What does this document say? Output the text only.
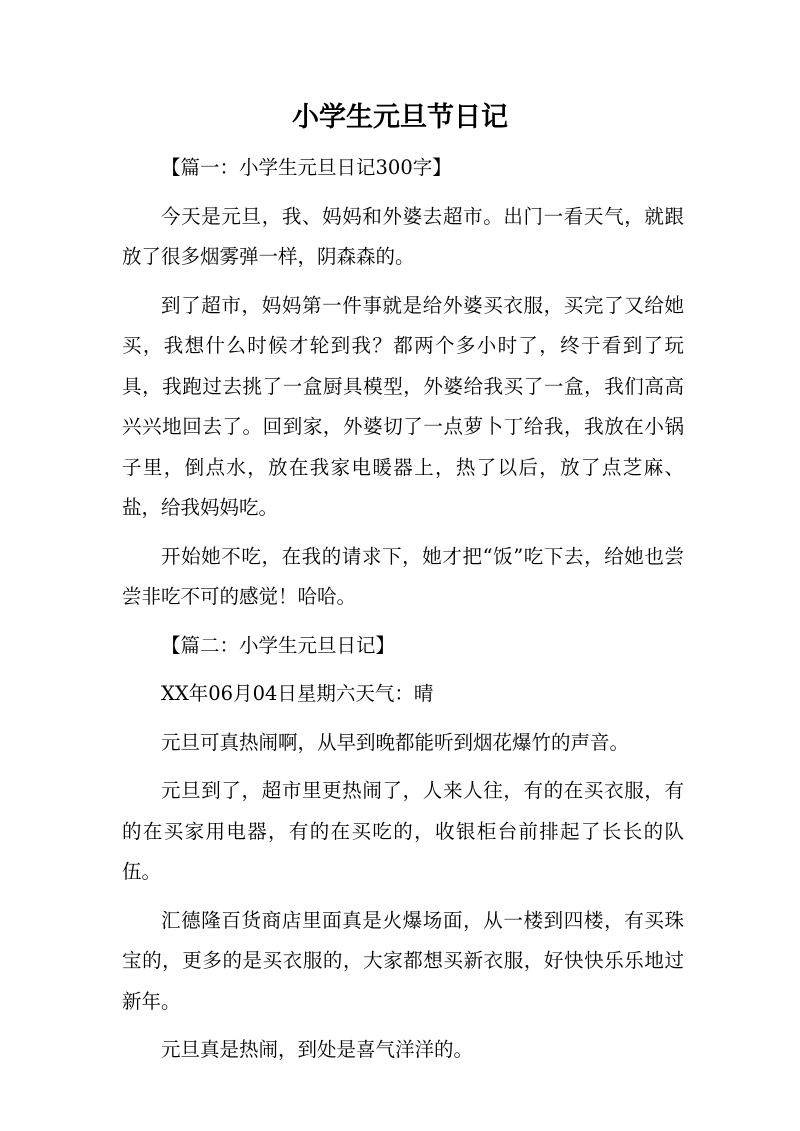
小学生元旦节日记

【篇一：小学生元旦日记300字】

今天是元旦，我、妈妈和外婆去超市。出门一看天气，就跟放了很多烟雾弹一样，阴森森的。

到了超市，妈妈第一件事就是给外婆买衣服，买完了又给她买，我想什么时候才轮到我？都两个多小时了，终于看到了玩具，我跑过去挑了一盒厨具模型，外婆给我买了一盒，我们高高兴兴地回去了。回到家，外婆切了一点萝卜丁给我，我放在小锅子里，倒点水，放在我家电暖器上，热了以后，放了点芝麻、盐，给我妈妈吃。

开始她不吃，在我的请求下，她才把“饭”吃下去，给她也尝尝非吃不可的感觉！哈哈。

【篇二：小学生元旦日记】

XX年06月04日星期六天气：晴

元旦可真热闹啊，从早到晚都能听到烟花爆竹的声音。

元旦到了，超市里更热闹了，人来人往，有的在买衣服，有的在买家用电器，有的在买吃的，收银柜台前排起了长长的队伍。

汇德隆百货商店里面真是火爆场面，从一楼到四楼，有买珠宝的，更多的是买衣服的，大家都想买新衣服，好快快乐乐地过新年。

元旦真是热闹，到处是喜气洋洋的。
